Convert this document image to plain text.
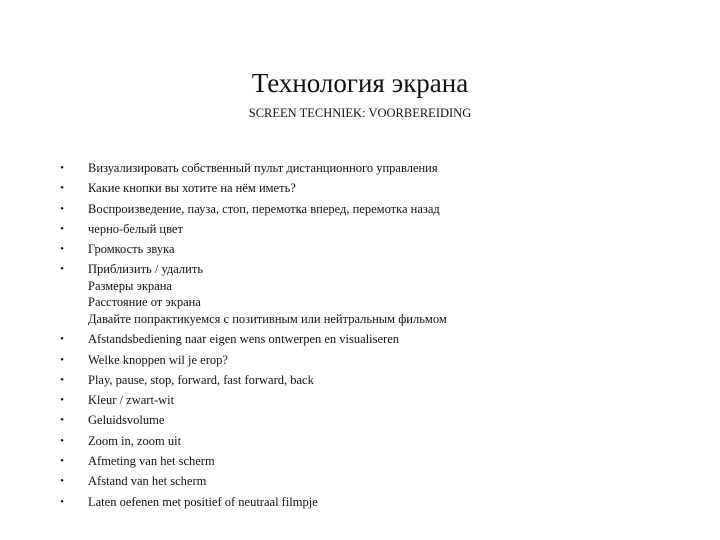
Технология экрана
SCREEN TECHNIEK: VOORBEREIDING
• Визуализировать собственный пульт дистанционного управления
• Какие кнопки вы хотите на нём иметь?
• Воспроизведение, пауза, стоп, перемотка вперед, перемотка назад
• черно-белый цвет
• Громкость звука
• Приблизить / удалить
Размеры экрана
Расстояние от экрана
Давайте попрактикуемся с позитивным или нейтральным фильмом
• Afstandsbediening naar eigen wens ontwerpen en visualiseren
• Welke knoppen wil je erop?
• Play, pause, stop, forward, fast forward, back
• Kleur / zwart-wit
• Geluidsvolume
• Zoom in, zoom uit
• Afmeting van het scherm
• Afstand van het scherm
• Laten oefenen met positief of neutraal filmpje
